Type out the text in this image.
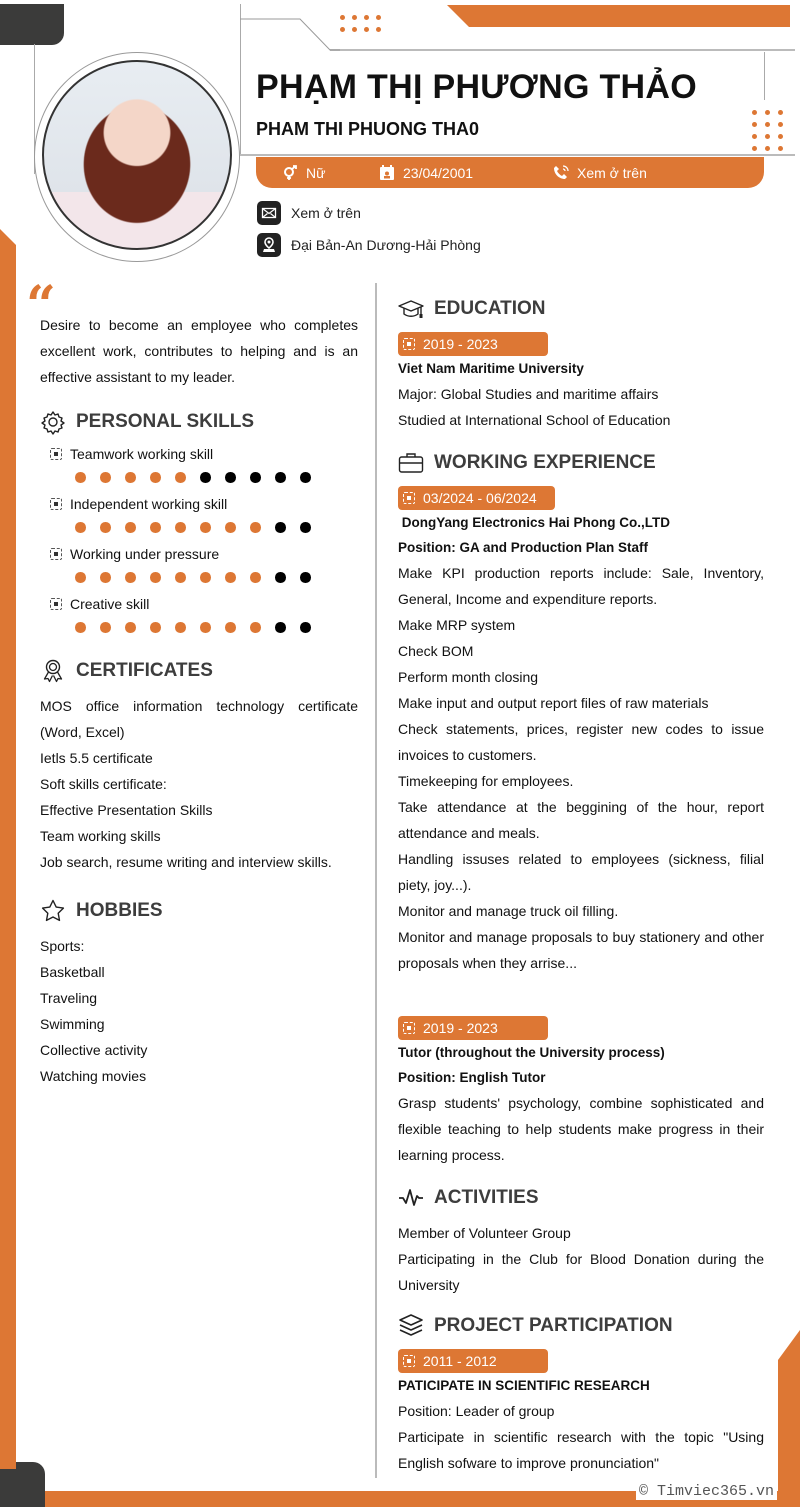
PHẠM THỊ PHƯƠNG THẢO
PHAM THI PHUONG THA0
Nữ	23/04/2001	Xem ở trên
Xem ở trên
Đại Bản-An Dương-Hải Phòng
“

Desire to become an employee who completes excellent work, contributes to helping and is an effective assistant to my leader.

PERSONAL SKILLS
Teamwork working skill
Independent working skill
Working under pressure
Creative skill
CERTIFICATES

MOS office information technology certificate (Word, Excel)

Ietls 5.5 certificate

Soft skills certificate:

Effective Presentation Skills

Team working skills

Job search, resume writing and interview skills.

HOBBIES

Sports:

Basketball

Traveling

Swimming

Collective activity

Watching movies

EDUCATION
2019 - 2023
Viet Nam Maritime University
Major: Global Studies and maritime affairs
Studied at International School of Education
WORKING EXPERIENCE
03/2024 - 06/2024
DongYang Electronics Hai Phong Co.,LTD
Position: GA and Production Plan Staff
Make KPI production reports include: Sale, Inventory, General, Income and expenditure reports.
Make MRP system
Check BOM
Perform month closing
Make input and output report files of raw materials
Check statements, prices, register new codes to issue invoices to customers.
Timekeeping for employees.
Take attendance at the beggining of the hour, report attendance and meals.
Handling issuses related to employees (sickness, filial piety, joy...).
Monitor and manage truck oil filling.
Monitor and manage proposals to buy stationery and other proposals when they arrise...
2019 - 2023
Tutor (throughout the University process)
Position: English Tutor
Grasp students' psychology, combine sophisticated and flexible teaching to help students make progress in their learning process.
ACTIVITIES

Member of Volunteer Group

Participating in the Club for Blood Donation during the University

PROJECT PARTICIPATION
2011 - 2012
PATICIPATE IN SCIENTIFIC RESEARCH
Position: Leader of group
Participate in scientific research with the topic "Using English sofware to improve pronunciation"
© Timviec365.vn
